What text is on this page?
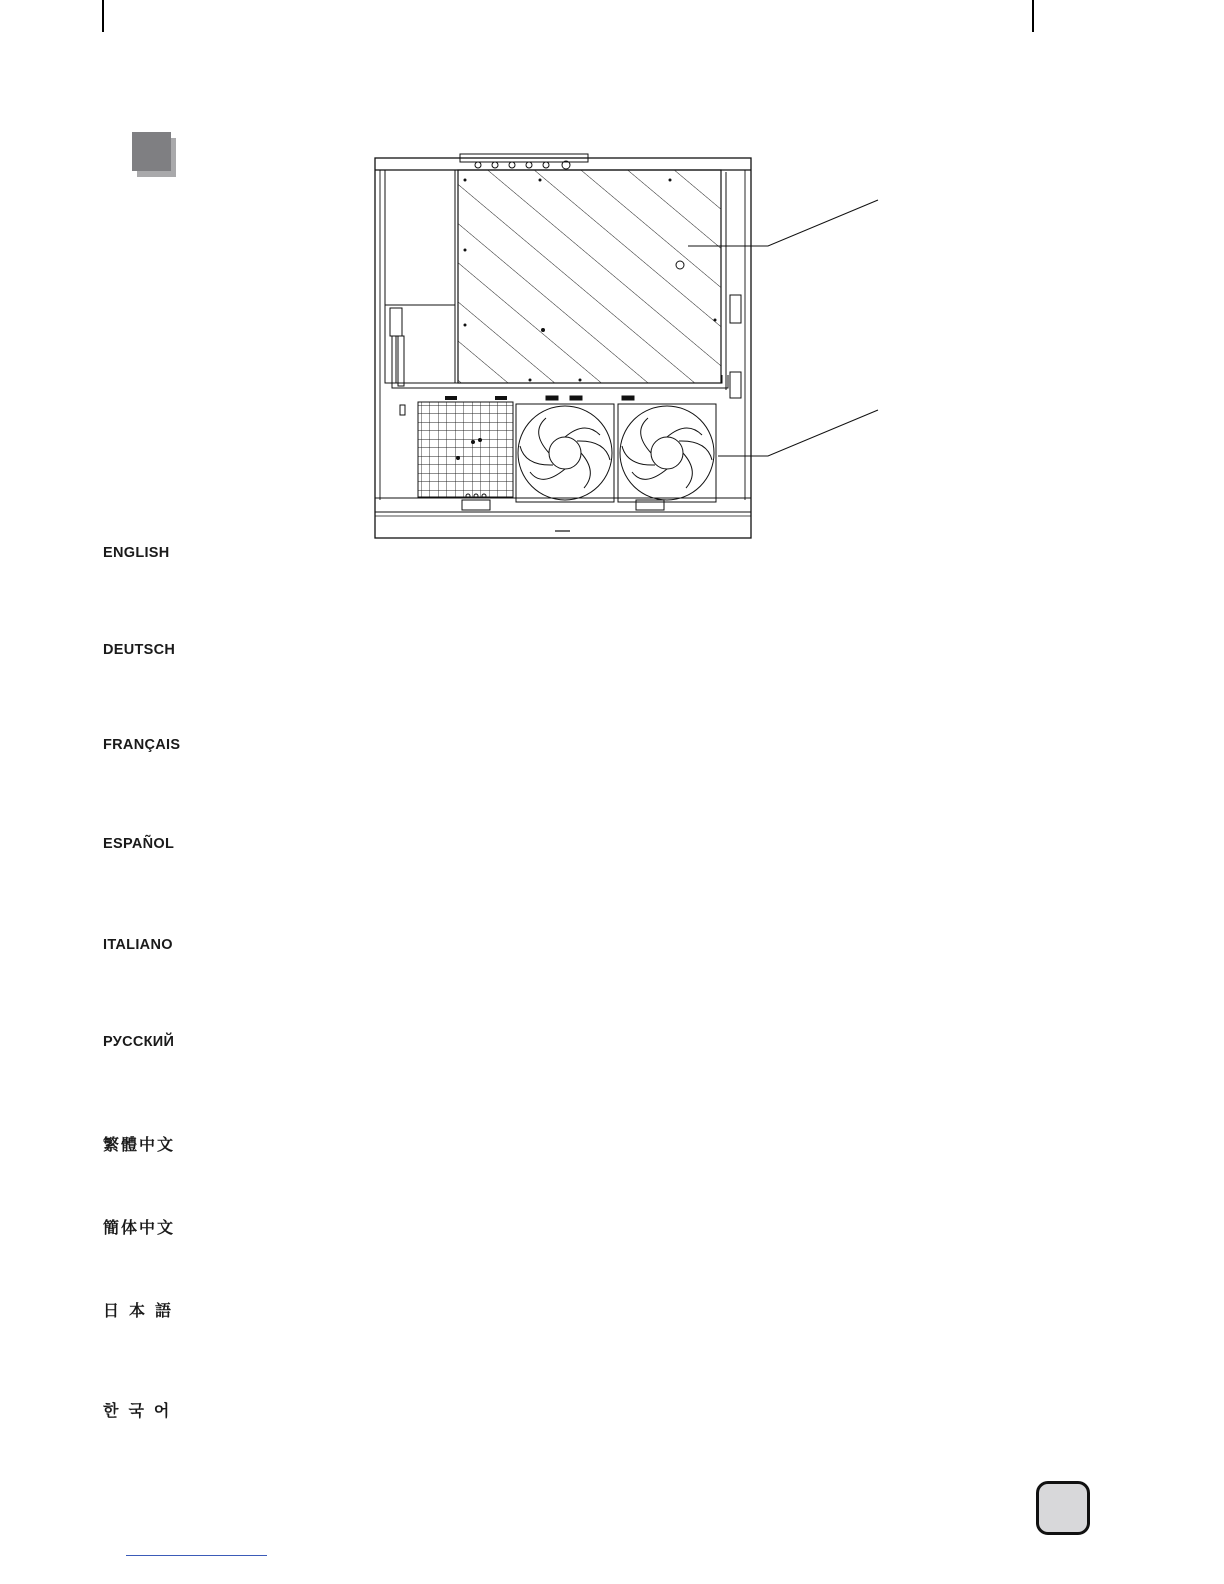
ENGLISH
DEUTSCH
FRANÇAIS
ESPAÑOL
ITALIANO
РУССКИЙ
繁體中文
簡体中文
日本語
한국어
